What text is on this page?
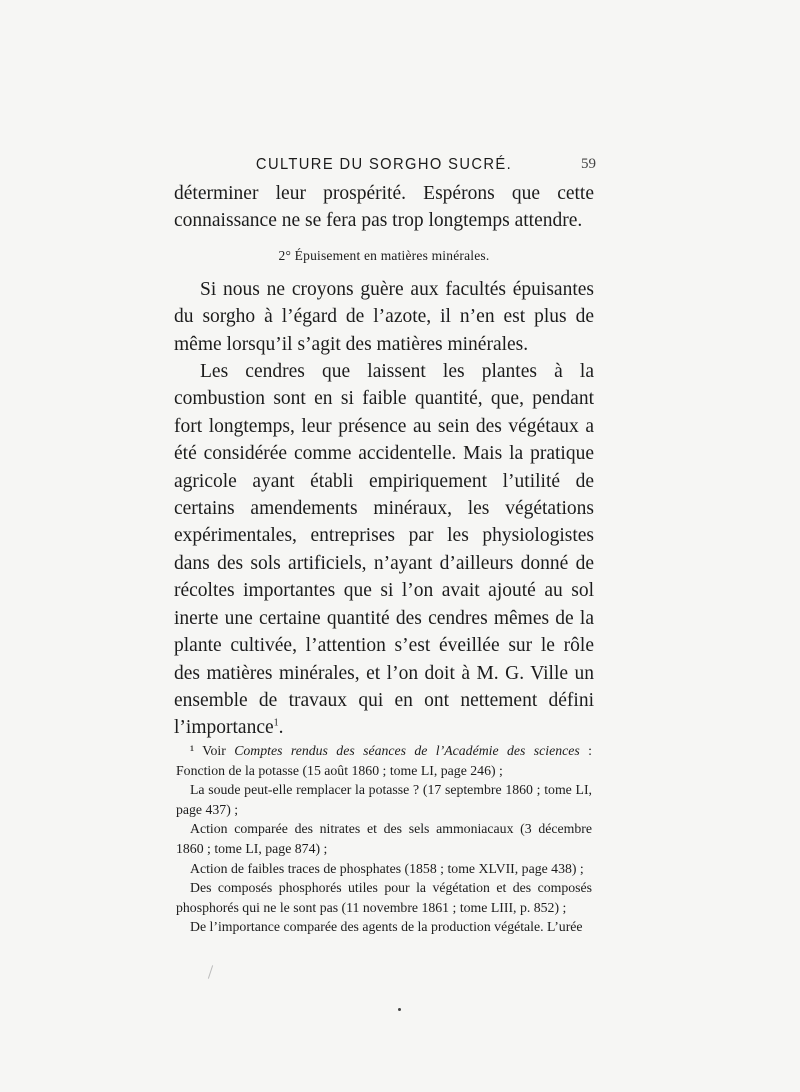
CULTURE DU SORGHO SUCRÉ.	59

déterminer leur prospérité. Espérons que cette connaissance ne se fera pas trop longtemps attendre.

2° Épuisement en matières minérales.

Si nous ne croyons guère aux facultés épuisantes du sorgho à l’égard de l’azote, il n’en est plus de même lorsqu’il s’agit des matières minérales.

Les cendres que laissent les plantes à la combustion sont en si faible quantité, que, pendant fort longtemps, leur présence au sein des végétaux a été considérée comme accidentelle. Mais la pratique agricole ayant établi empiriquement l’utilité de certains amendements minéraux, les végétations expérimentales, entreprises par les physiologistes dans des sols artificiels, n’ayant d’ailleurs donné de récoltes importantes que si l’on avait ajouté au sol inerte une certaine quantité des cendres mêmes de la plante cultivée, l’attention s’est éveillée sur le rôle des matières minérales, et l’on doit à M. G. Ville un ensemble de travaux qui en ont nettement défini l’importance$^1$.

¹ Voir Comptes rendus des séances de l’Académie des sciences : Fonction de la potasse (15 août 1860 ; tome LI, page 246) ;

La soude peut-elle remplacer la potasse ? (17 septembre 1860 ; tome LI, page 437) ;

Action comparée des nitrates et des sels ammoniacaux (3 décembre 1860 ; tome LI, page 874) ;

Action de faibles traces de phosphates (1858 ; tome XLVII, page 438) ;

Des composés phosphorés utiles pour la végétation et des composés phosphorés qui ne le sont pas (11 novembre 1861 ; tome LIII, p. 852) ;

De l’importance comparée des agents de la production végétale. L’urée
